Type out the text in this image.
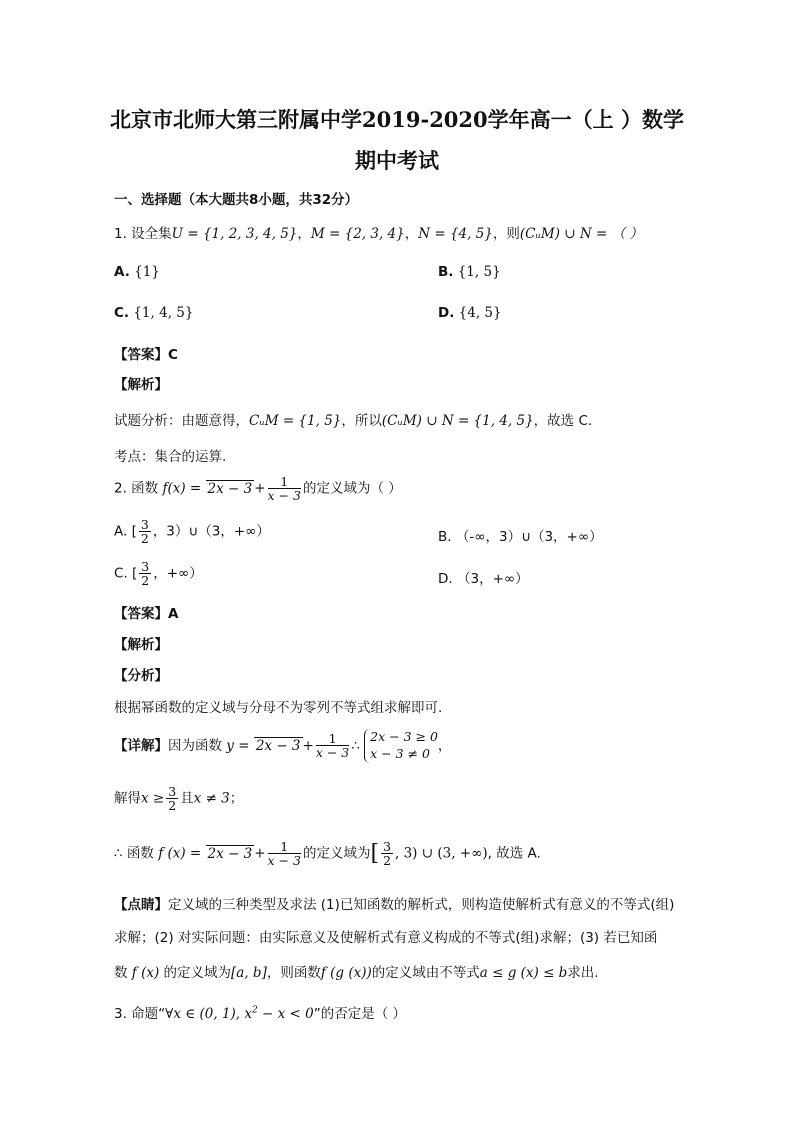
北京市北师大第三附属中学2019-2020学年高一（上 ）数学
期中考试
一、选择题（本大题共8小题，共32分）
1. 设全集U = {1, 2, 3, 4, 5}，M = {2, 3, 4}，N = {4, 5}，则(CᵤM) ∪ N = （ ）
A. {1}	B. {1, 5}
C. {1, 4, 5}	D. {4, 5}
【答案】C
【解析】
试题分析：由题意得，CᵤM = {1, 5}，所以(CᵤM) ∪ N = {1, 4, 5}，故选 C.
考点：集合的运算.
2. 函数 $f(x) = 2x - 3 + \frac{1}{x - 3}$ 的定义域为（ ）
A. [ $\frac{3}{2}$ ，3）∪（3，+∞）	B. （-∞，3）∪（3，+∞）
C. [ $\frac{3}{2}$ ，+∞）	D. （3，+∞）
【答案】A
【解析】
【分析】
根据幂函数的定义域与分母不为零列不等式组求解即可.
【详解】因为函数 $y = 2x - 3 + \frac{1}{x - 3}$ ∴
2x − 3 ≥ 0
x − 3 ≠ 0 ，
解得$x \ge \frac{3}{2}$ 且x ≠ 3；
∴ 函数 f $(x) = 2x - 3 + \frac{1}{x - 3}$ 的定义域为[ $\frac{3}{2}$ , 3) ∪ (3, +∞), 故选 A.
【点睛】定义域的三种类型及求法 (1)已知函数的解析式，则构造使解析式有意义的不等式(组)
求解；(2) 对实际问题：由实际意义及使解析式有意义构成的不等式(组)求解；(3) 若已知函
数 f (x) 的定义域为[a, b]，则函数f (g (x))的定义域由不等式a ≤ g (x) ≤ b求出.
3. 命题“∀x ∈ (0, 1), $x^2 - x < 0$”的否定是（ ）
